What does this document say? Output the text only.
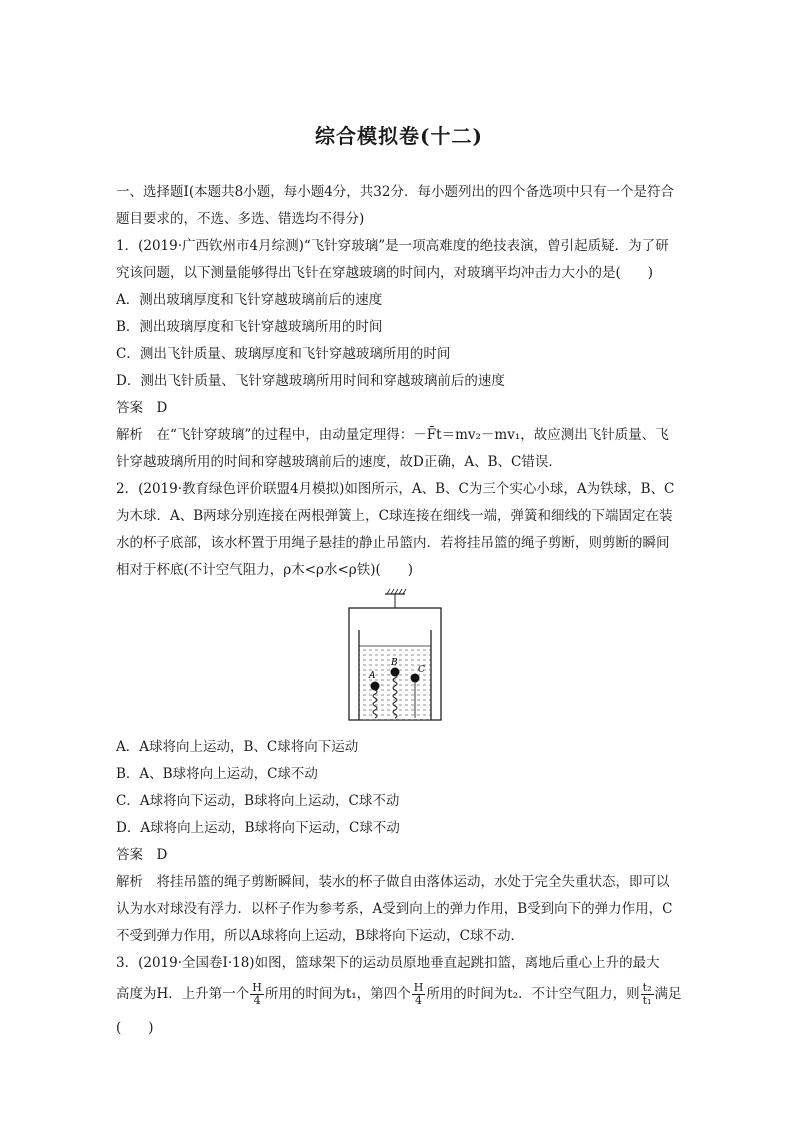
综合模拟卷(十二)

一、选择题Ⅰ(本题共8小题，每小题4分，共32分．每小题列出的四个备选项中只有一个是符合题目要求的，不选、多选、错选均不得分)

1．(2019·广西钦州市4月综测)“飞针穿玻璃”是一项高难度的绝技表演，曾引起质疑．为了研究该问题，以下测量能够得出飞针在穿越玻璃的时间内，对玻璃平均冲击力大小的是(　　)

A．测出玻璃厚度和飞针穿越玻璃前后的速度

B．测出玻璃厚度和飞针穿越玻璃所用的时间

C．测出飞针质量、玻璃厚度和飞针穿越玻璃所用的时间

D．测出飞针质量、飞针穿越玻璃所用时间和穿越玻璃前后的速度

答案　D

解析　在“飞针穿玻璃”的过程中，由动量定理得：－F̄t＝mv₂－mv₁，故应测出飞针质量、飞针穿越玻璃所用的时间和穿越玻璃前后的速度，故D正确，A、B、C错误．

2．(2019·教育绿色评价联盟4月模拟)如图所示，A、B、C为三个实心小球，A为铁球，B、C为木球．A、B两球分别连接在两根弹簧上，C球连接在细线一端，弹簧和细线的下端固定在装水的杯子底部，该水杯置于用绳子悬挂的静止吊篮内．若将挂吊篮的绳子剪断，则剪断的瞬间相对于杯底(不计空气阻力，ρ木<ρ水<ρ铁)(　　)

A
B
C

A．A球将向上运动，B、C球将向下运动

B．A、B球将向上运动，C球不动

C．A球将向下运动，B球将向上运动，C球不动

D．A球将向上运动，B球将向下运动，C球不动

答案　D

解析　将挂吊篮的绳子剪断瞬间，装水的杯子做自由落体运动，水处于完全失重状态，即可以认为水对球没有浮力．以杯子作为参考系，A受到向上的弹力作用，B受到向下的弹力作用，C不受到弹力作用，所以A球将向上运动，B球将向下运动，C球不动．

3．(2019·全国卷Ⅰ·18)如图，篮球架下的运动员原地垂直起跳扣篮，离地后重心上升的最大

高度为H．上升第一个 $\frac{H}{4}$ 所用的时间为t₁，第四个 $\frac{H}{4}$ 所用的时间为t₂．不计空气阻力，则 $\frac{\text{t₂}}{\text{t₁}}$ 满足(　　)
